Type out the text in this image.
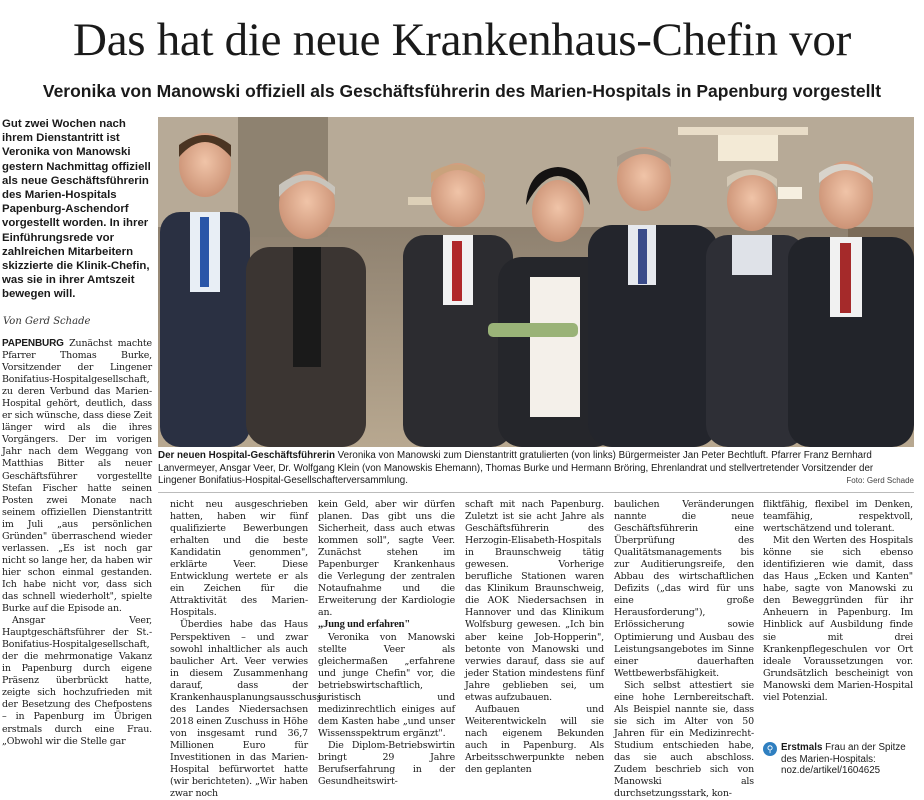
Das hat die neue Krankenhaus-Chefin vor
Veronika von Manowski offiziell als Geschäftsführerin des Marien-Hospitals in Papenburg vorgestellt

Gut zwei Wochen nach ihrem Dienstantritt ist Veronika von Manowski gestern Nachmittag offiziell als neue Geschäftsführerin des Marien-Hospitals Papenburg-Aschendorf vorgestellt worden. In ihrer Einführungsrede vor zahlreichen Mitarbeitern skizzierte die Klinik-Chefin, was sie in ihrer Amtszeit bewegen will.

Von Gerd Schade

PAPENBURG Zunächst machte Pfarrer Thomas Burke, Vorsitzender der Lingener Bonifatius-Hospitalgesellschaft, zu deren Verbund das Marien-Hospital gehört, deutlich, dass er sich wünsche, dass diese Zeit länger wird als die ihres Vorgängers. Der im vorigen Jahr nach dem Weggang von Matthias Bitter als neuer Geschäftsführer vorgestellte Stefan Fischer hatte seinen Posten zwei Monate nach seinem offiziellen Dienstantritt im Juli „aus persönlichen Gründen" überraschend wieder verlassen. „Es ist noch gar nicht so lange her, da haben wir hier schon einmal gestanden. Ich habe nicht vor, dass sich das schnell wiederholt", spielte Burke auf die Episode an.

Ansgar Veer, Hauptgeschäftsführer der St.-Bonifatius-Hospitalgesellschaft, der die mehrmonatige Vakanz in Papenburg durch eigene Präsenz überbrückt hatte, zeigte sich hochzufrieden mit der Besetzung des Chefpostens – in Papenburg im Übrigen erstmals durch eine Frau. „Obwohl wir die Stelle gar

Der neuen Hospital-Geschäftsführerin Veronika von Manowski zum Dienstantritt gratulierten (von links) Bürgermeister Jan Peter Bechtluft. Pfarrer Franz Bernhard Lanvermeyer, Ansgar Veer, Dr. Wolfgang Klein (von Manowskis Ehemann), Thomas Burke und Hermann Bröring, Ehrenlandrat und stellvertretender Vorsitzender der Lingener Bonifatius-Hospital-Gesellschafterversammlung.	Foto: Gerd Schade

nicht neu ausgeschrieben hatten, haben wir fünf qualifizierte Bewerbungen erhalten und die beste Kandidatin genommen", erklärte Veer. Diese Entwicklung wertete er als ein Zeichen für die Attraktivität des Marien-Hospitals.

Überdies habe das Haus Perspektiven – und zwar sowohl inhaltlicher als auch baulicher Art. Veer verwies in diesem Zusammenhang darauf, dass der Krankenhausplanungsausschuss des Landes Niedersachsen 2018 einen Zuschuss in Höhe von insgesamt rund 36,7 Millionen Euro für Investitionen in das Marien-Hospital befürwortet hatte (wir berichteten). „Wir haben zwar noch

kein Geld, aber wir dürfen planen. Das gibt uns die Sicherheit, dass auch etwas kommen soll", sagte Veer. Zunächst stehen im Papenburger Krankenhaus die Verlegung der zentralen Notaufnahme und die Erweiterung der Kardiologie an.

„Jung und erfahren"

Veronika von Manowski stellte Veer als gleichermaßen „erfahrene und junge Chefin" vor, die betriebswirtschaftlich, juristisch und medizinrechtlich einiges auf dem Kasten habe „und unser Wissensspektrum ergänzt".

Die Diplom-Betriebswirtin bringt 29 Jahre Berufserfahrung in der Gesundheitswirt-

schaft mit nach Papenburg. Zuletzt ist sie acht Jahre als Geschäftsführerin des Herzogin-Elisabeth-Hospitals in Braunschweig tätig gewesen. Vorherige berufliche Stationen waren das Klinikum Braunschweig, die AOK Niedersachsen in Hannover und das Klinikum Wolfsburg gewesen. „Ich bin aber keine Job-Hopperin", betonte von Manowski und verwies darauf, dass sie auf jeder Station mindestens fünf Jahre geblieben sei, um etwas aufzubauen.

Aufbauen und Weiterentwickeln will sie nach eigenem Bekunden auch in Papenburg. Als Arbeitsschwerpunkte neben den geplanten

baulichen Veränderungen nannte die neue Geschäftsführerin eine Überprüfung des Qualitätsmanagements bis zur Auditierungsreife, den Abbau des wirtschaftlichen Defizits („das wird für uns eine große Herausforderung"), Erlössicherung sowie Optimierung und Ausbau des Leistungsangebotes im Sinne einer dauerhaften Wettbewerbsfähigkeit.

Sich selbst attestiert sie eine hohe Lernbereitschaft. Als Beispiel nannte sie, dass sie sich im Alter von 50 Jahren für ein Medizinrecht-Studium entschieden habe, das sie auch abschloss. Zudem beschrieb sich von Manowski als durchsetzungsstark, kon-

fliktfähig, flexibel im Denken, teamfähig, respektvoll, wertschätzend und tolerant.

Mit den Werten des Hospitals könne sie sich ebenso identifizieren wie damit, dass das Haus „Ecken und Kanten" habe, sagte von Manowski zu den Beweggründen für ihr Anheuern in Papenburg. Im Hinblick auf Ausbildung finde sie mit drei Krankenpflegeschulen vor Ort ideale Voraussetzungen vor. Grundsätzlich bescheinigt von Manowski dem Marien-Hospital viel Potenzial.

⚲ Erstmals Frau an der Spitze des Marien-Hospitals: noz.de/artikel/1604625
